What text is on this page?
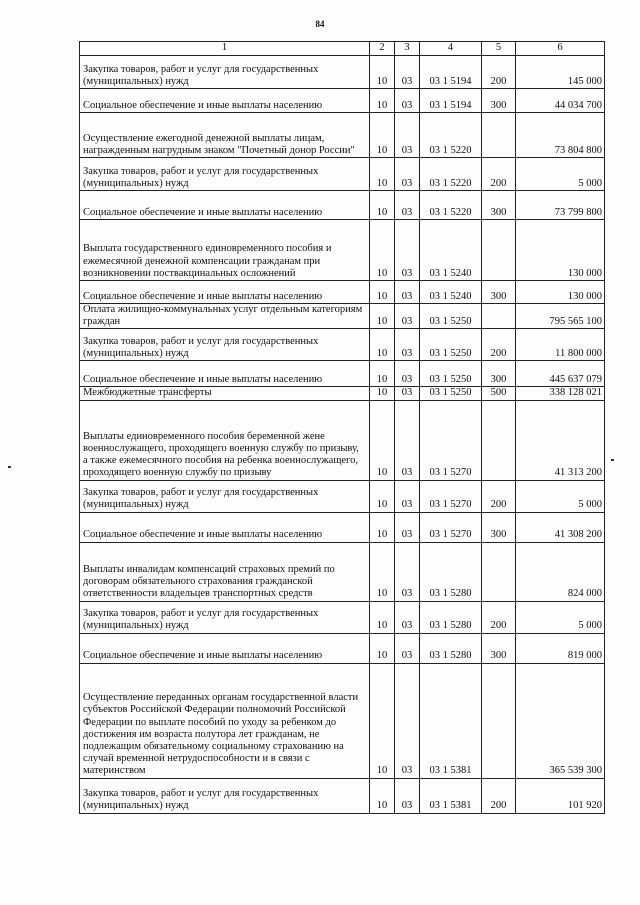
84
1	2	3	4	5	6
Закупка товаров, работ и услуг для государственных (муниципальных) нужд	10	03	03 1 5194	200	145 000
Социальное обеспечение и иные выплаты населению	10	03	03 1 5194	300	44 034 700
Осуществление ежегодной денежной выплаты лицам, награжденным нагрудным знаком "Почетный донор России"	10	03	03 1 5220		73 804 800
Закупка товаров, работ и услуг для государственных (муниципальных) нужд	10	03	03 1 5220	200	5 000
Социальное обеспечение и иные выплаты населению	10	03	03 1 5220	300	73 799 800
Выплата государственного единовременного пособия и ежемесячной денежной компенсации гражданам при возникновении поствакцинальных осложнений	10	03	03 1 5240		130 000
Социальное обеспечение и иные выплаты населению	10	03	03 1 5240	300	130 000
Оплата жилищно-коммунальных услуг отдельным категориям граждан	10	03	03 1 5250		795 565 100
Закупка товаров, работ и услуг для государственных (муниципальных) нужд	10	03	03 1 5250	200	11 800 000
Социальное обеспечение и иные выплаты населению	10	03	03 1 5250	300	445 637 079
Межбюджетные трансферты	10	03	03 1 5250	500	338 128 021
Выплаты единовременного пособия беременной жене военнослужащего, проходящего военную службу по призыву, а также ежемесячного пособия на ребенка военнослужащего, проходящего военную службу по призыву	10	03	03 1 5270		41 313 200
Закупка товаров, работ и услуг для государственных (муниципальных) нужд	10	03	03 1 5270	200	5 000
Социальное обеспечение и иные выплаты населению	10	03	03 1 5270	300	41 308 200
Выплаты инвалидам компенсаций страховых премий по договорам обязательного страхования гражданской ответственности владельцев транспортных средств	10	03	03 1 5280		824 000
Закупка товаров, работ и услуг для государственных (муниципальных) нужд	10	03	03 1 5280	200	5 000
Социальное обеспечение и иные выплаты населению	10	03	03 1 5280	300	819 000
Осуществление переданных органам государственной власти субъектов Российской Федерации полномочий Российской Федерации по выплате пособий по уходу за ребенком до достижения им возраста полутора лет гражданам, не подлежащим обязательному социальному страхованию на случай временной нетрудоспособности и в связи с материнством	10	03	03 1 5381		365 539 300
Закупка товаров, работ и услуг для государственных (муниципальных) нужд	10	03	03 1 5381	200	101 920
